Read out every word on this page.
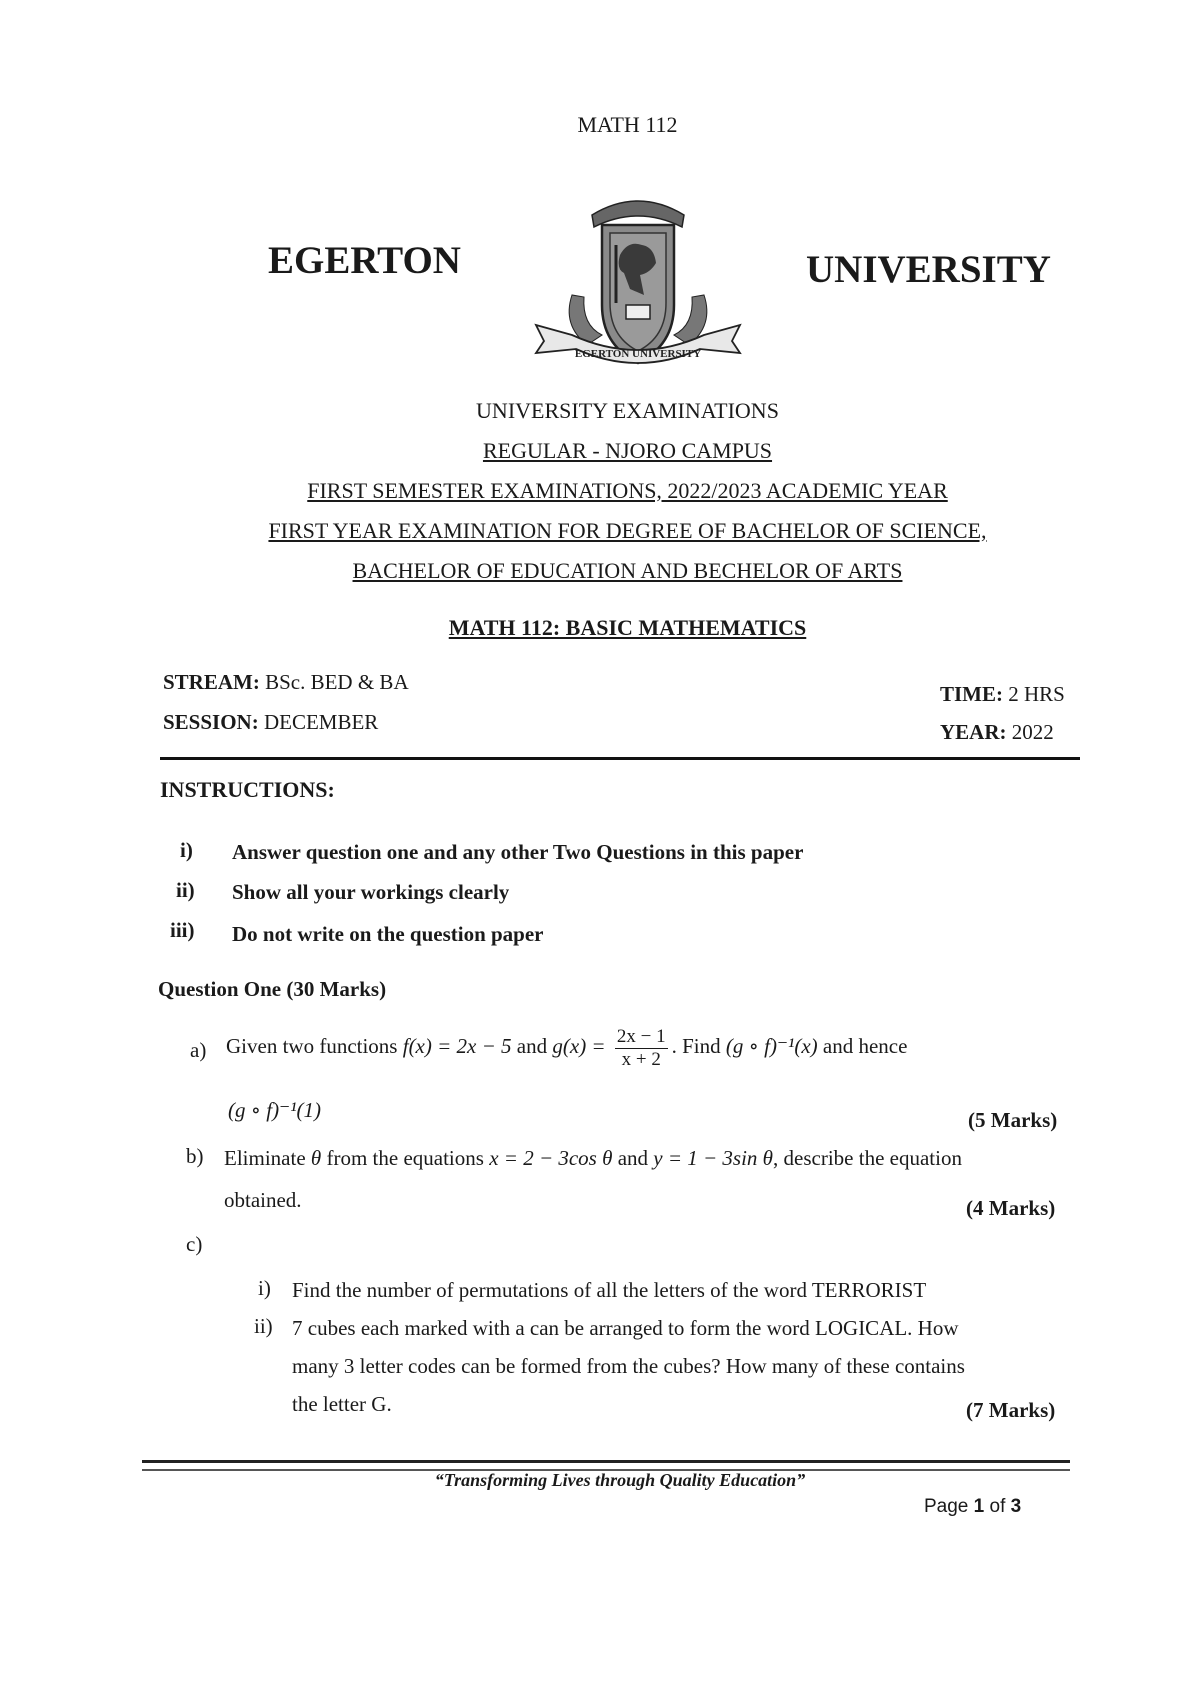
MATH 112
EGERTON	UNIVERSITY
EGERTON UNIVERSITY
UNIVERSITY EXAMINATIONS
REGULAR - NJORO CAMPUS
FIRST SEMESTER EXAMINATIONS, 2022/2023 ACADEMIC YEAR
FIRST YEAR EXAMINATION FOR DEGREE OF BACHELOR OF SCIENCE,
BACHELOR OF EDUCATION AND BECHELOR OF ARTS
MATH 112: BASIC MATHEMATICS
STREAM: BSc. BED & BA
SESSION: DECEMBER
TIME: 2 HRS
YEAR: 2022
INSTRUCTIONS:
i) Answer question one and any other Two Questions in this paper
ii) Show all your workings clearly
iii) Do not write on the question paper
Question One (30 Marks)
a) Given two functions f(x) = 2x − 5 and $g(x) = \frac{2x - 1}{x + 2}$ . Find (g ∘ f)⁻¹(x) and hence
(g ∘ f)⁻¹(1)	(5 Marks)
b) Eliminate θ from the equations x = 2 − 3cos θ and y = 1 − 3sin θ, describe the equation
obtained.	(4 Marks)
c)
i) Find the number of permutations of all the letters of the word TERRORIST
ii) 7 cubes each marked with a can be arranged to form the word LOGICAL. How
many 3 letter codes can be formed from the cubes? How many of these contains
the letter G.	(7 Marks)
“Transforming Lives through Quality Education”
Page 1 of 3
